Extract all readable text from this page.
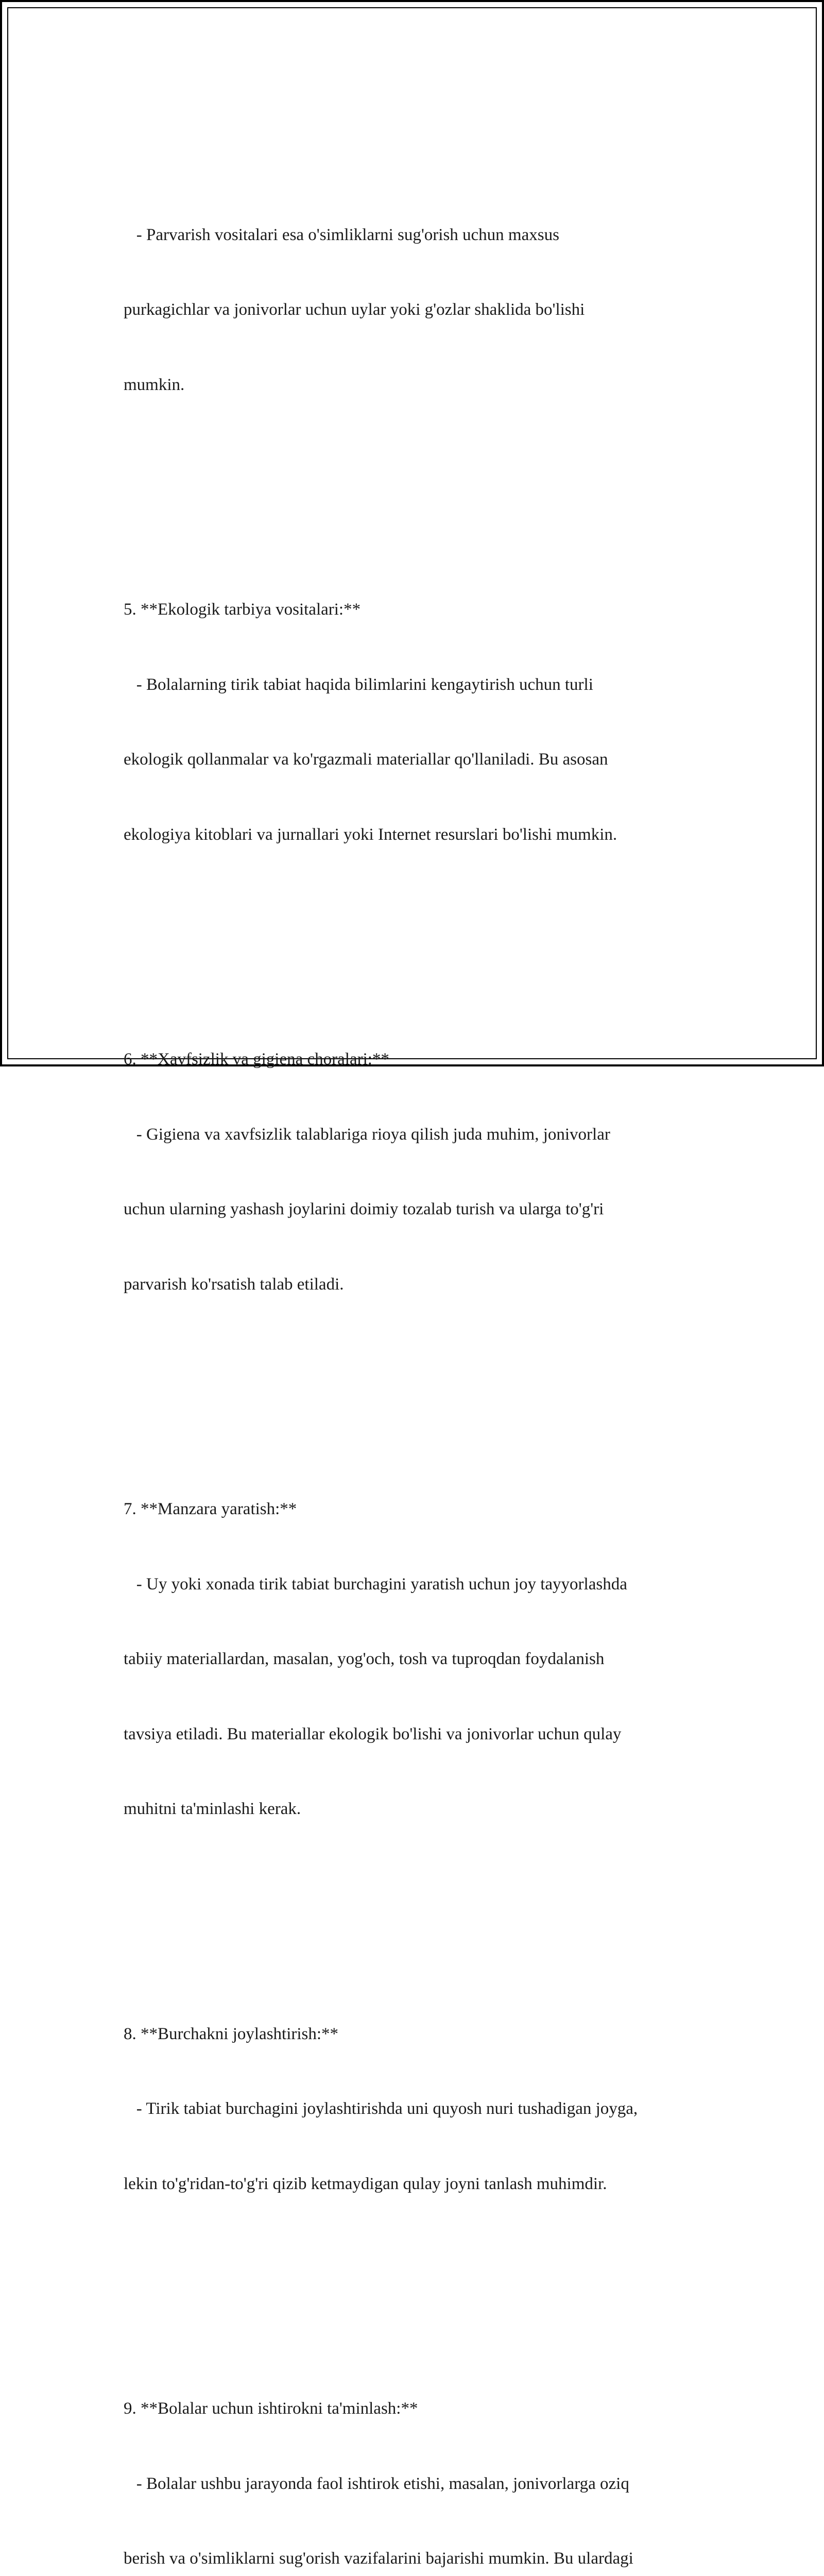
- Parvarish vositalari esa o'simliklarni sug'orish uchun maxsus

purkagichlar va jonivorlar uchun uylar yoki g'ozlar shaklida bo'lishi

mumkin.

5. **Ekologik tarbiya vositalari:**

- Bolalarning tirik tabiat haqida bilimlarini kengaytirish uchun turli

ekologik qollanmalar va ko'rgazmali materiallar qo'llaniladi. Bu asosan

ekologiya kitoblari va jurnallari yoki Internet resurslari bo'lishi mumkin.

6. **Xavfsizlik va gigiena choralari:**

- Gigiena va xavfsizlik talablariga rioya qilish juda muhim, jonivorlar

uchun ularning yashash joylarini doimiy tozalab turish va ularga to'g'ri

parvarish ko'rsatish talab etiladi.

7. **Manzara yaratish:**

- Uy yoki xonada tirik tabiat burchagini yaratish uchun joy tayyorlashda

tabiiy materiallardan, masalan, yog'och, tosh va tuproqdan foydalanish

tavsiya etiladi. Bu materiallar ekologik bo'lishi va jonivorlar uchun qulay

muhitni ta'minlashi kerak.

8. **Burchakni joylashtirish:**

- Tirik tabiat burchagini joylashtirishda uni quyosh nuri tushadigan joyga,

lekin to'g'ridan-to'g'ri qizib ketmaydigan qulay joyni tanlash muhimdir.

9. **Bolalar uchun ishtirokni ta'minlash:**

- Bolalar ushbu jarayonda faol ishtirok etishi, masalan, jonivorlarga oziq

berish va o'simliklarni sug'orish vazifalarini bajarishi mumkin. Bu ulardagi
